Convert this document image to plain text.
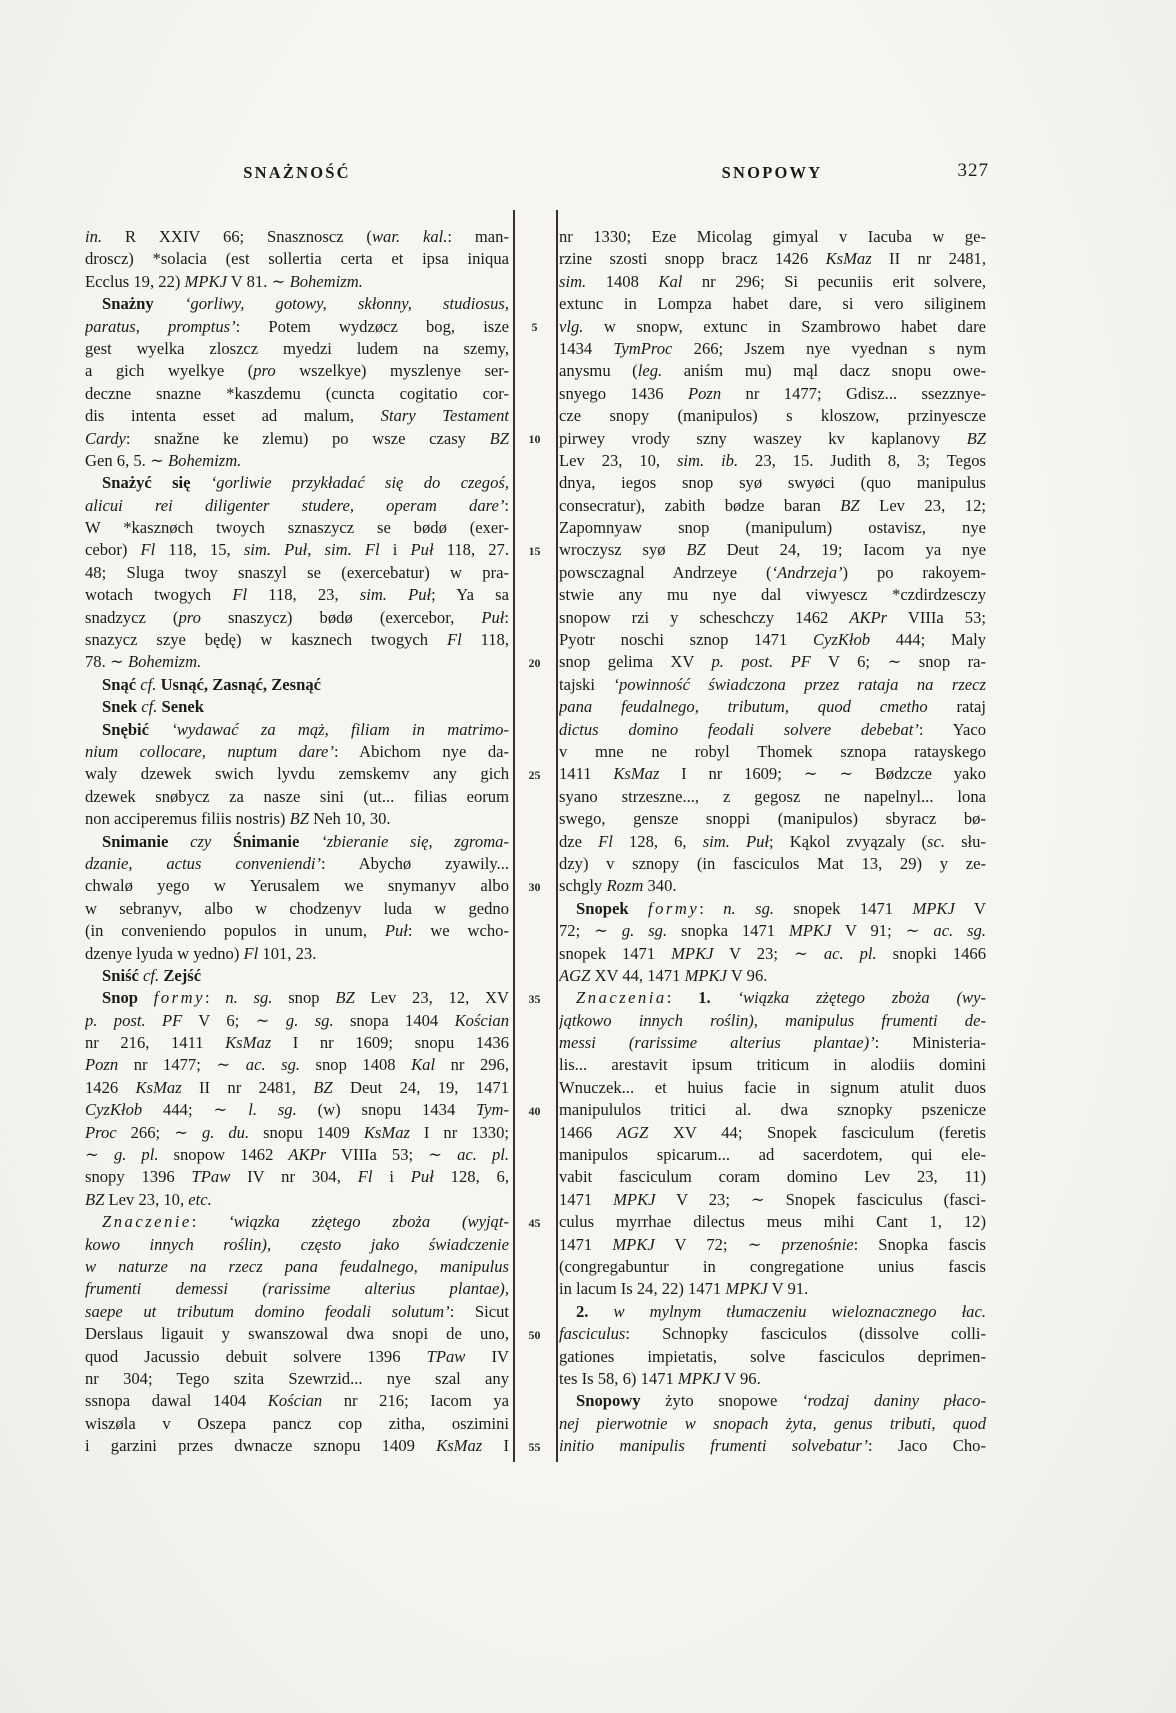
SNAŻNOŚĆ	SNOPOWY	327
in. R XXIV 66; Snasznoscz (war. kal.: man-
droscz) *solacia (est sollertia certa et ipsa iniqua
Ecclus 19, 22) MPKJ V 81. ∼ Bohemizm.
Snażny ‘gorliwy, gotowy, skłonny, studiosus,
paratus, promptus’: Potem wydzøcz bog, isze
gest wyelka zloszcz myedzi ludem na szemy,
a gich wyelkye (pro wszelkye) myszlenye ser-
deczne snazne *kaszdemu (cuncta cogitatio cor-
dis intenta esset ad malum, Stary Testament
Cardy: snažne ke zlemu) po wsze czasy BZ
Gen 6, 5. ∼ Bohemizm.
Snażyć się ‘gorliwie przykładać się do czegoś,
alicui rei diligenter studere, operam dare’:
W *kasznøch twoych sznaszycz se bødø (exer-
cebor) Fl 118, 15, sim. Puł, sim. Fl i Puł 118, 27.
48; Sluga twoy snaszyl se (exercebatur) w pra-
wotach twogych Fl 118, 23, sim. Puł; Ya sa
snadzycz (pro snaszycz) bødø (exercebor, Puł:
snazycz szye będę) w kasznech twogych Fl 118,
78. ∼ Bohemizm.
Snąć cf. Usnąć, Zasnąć, Zesnąć
Snek cf. Senek
Snębić ‘wydawać za mąż, filiam in matrimo-
nium collocare, nuptum dare’: Abichom nye da-
waly dzewek swich lyvdu zemskemv any gich
dzewek snøbycz za nasze sini (ut... filias eorum
non acciperemus filiis nostris) BZ Neh 10, 30.
Snimanie czy Śnimanie ‘zbieranie się, zgroma-
dzanie, actus conveniendi’: Abychø zyawily...
chwalø yego w Yerusalem we snymanyv albo
w sebranyv, albo w chodzenyv luda w gedno
(in conveniendo populos in unum, Puł: we wcho-
dzenye lyuda w yedno) Fl 101, 23.
Sniść cf. Zejść
Snop formy: n. sg. snop BZ Lev 23, 12, XV
p. post. PF V 6; ∼ g. sg. snopa 1404 Kościan
nr 216, 1411 KsMaz I nr 1609; snopu 1436
Pozn nr 1477; ∼ ac. sg. snop 1408 Kal nr 296,
1426 KsMaz II nr 2481, BZ Deut 24, 19, 1471
CyzKłob 444; ∼ l. sg. (w) snopu 1434 Tym-
Proc 266; ∼ g. du. snopu 1409 KsMaz I nr 1330;
∼ g. pl. snopow 1462 AKPr VIIIa 53; ∼ ac. pl.
snopy 1396 TPaw IV nr 304, Fl i Puł 128, 6,
BZ Lev 23, 10, etc.
Znaczenie: ‘wiązka zżętego zboża (wyjąt-
kowo innych roślin), często jako świadczenie
w naturze na rzecz pana feudalnego, manipulus
frumenti demessi (rarissime alterius plantae),
saepe ut tributum domino feodali solutum’: Sicut
Derslaus ligauit y swanszowal dwa snopi de uno,
quod Jacussio debuit solvere 1396 TPaw IV
nr 304; Tego szita Szewrzid... nye szal any
ssnopa dawal 1404 Kościan nr 216; Iacom ya
wiszøla v Oszepa pancz cop zitha, oszimini
i garzini przes dwnacze sznopu 1409 KsMaz I
5
10
15
20
25
30
35
40
45
50
55
nr 1330; Eze Micolag gimyal v Iacuba w ge-
rzine szosti snopp bracz 1426 KsMaz II nr 2481,
sim. 1408 Kal nr 296; Si pecuniis erit solvere,
extunc in Lompza habet dare, si vero siliginem
vlg. w snopw, extunc in Szambrowo habet dare
1434 TymProc 266; Jszem nye vyednan s nym
anysmu (leg. aniśm mu) mąl dacz snopu owe-
snyego 1436 Pozn nr 1477; Gdisz... ssezznye-
cze snopy (manipulos) s kloszow, przinyescze
pirwey vrody szny waszey kv kaplanovy BZ
Lev 23, 10, sim. ib. 23, 15. Judith 8, 3; Tegos
dnya, iegos snop syø swyøci (quo manipulus
consecratur), zabith bødze baran BZ Lev 23, 12;
Zapomnyaw snop (manipulum) ostavisz, nye
wroczysz syø BZ Deut 24, 19; Iacom ya nye
powsczagnal Andrzeye (‘Andrzeja’) po rakoyem-
stwie any mu nye dal viwyescz *czdirdzesczy
snopow rzi y scheschczy 1462 AKPr VIIIa 53;
Pyotr noschi sznop 1471 CyzKłob 444; Maly
snop gelima XV p. post. PF V 6; ∼ snop ra-
tajski ‘powinność świadczona przez rataja na rzecz
pana feudalnego, tributum, quod cmetho rataj
dictus domino feodali solvere debebat’: Yaco
v mne ne robyl Thomek sznopa ratayskego
1411 KsMaz I nr 1609; ∼ ∼ Bødzcze yako
syano strzeszne..., z gegosz ne napelnyl... lona
swego, gensze snoppi (manipulos) sbyracz bø-
dze Fl 128, 6, sim. Puł; Kąkol zvyązaly (sc. słu-
dzy) v sznopy (in fasciculos Mat 13, 29) y ze-
schgly Rozm 340.
Snopek formy: n. sg. snopek 1471 MPKJ V
72; ∼ g. sg. snopka 1471 MPKJ V 91; ∼ ac. sg.
snopek 1471 MPKJ V 23; ∼ ac. pl. snopki 1466
AGZ XV 44, 1471 MPKJ V 96.
Znaczenia: 1. ‘wiązka zżętego zboża (wy-
jątkowo innych roślin), manipulus frumenti de-
messi (rarissime alterius plantae)’: Ministeria-
lis... arestavit ipsum triticum in alodiis domini
Wnuczek... et huius facie in signum atulit duos
manipululos tritici al. dwa sznopky pszenicze
1466 AGZ XV 44; Snopek fasciculum (feretis
manipulos spicarum... ad sacerdotem, qui ele-
vabit fasciculum coram domino Lev 23, 11)
1471 MPKJ V 23; ∼ Snopek fasciculus (fasci-
culus myrrhae dilectus meus mihi Cant 1, 12)
1471 MPKJ V 72; ∼ przenośnie: Snopka fascis
(congregabuntur in congregatione unius fascis
in lacum Is 24, 22) 1471 MPKJ V 91.
2. w mylnym tłumaczeniu wieloznacznego łac.
fasciculus: Schnopky fasciculos (dissolve colli-
gationes impietatis, solve fasciculos deprimen-
tes Is 58, 6) 1471 MPKJ V 96.
Snopowy żyto snopowe ‘rodzaj daniny płaco-
nej pierwotnie w snopach żyta, genus tributi, quod
initio manipulis frumenti solvebatur’: Jaco Cho-
